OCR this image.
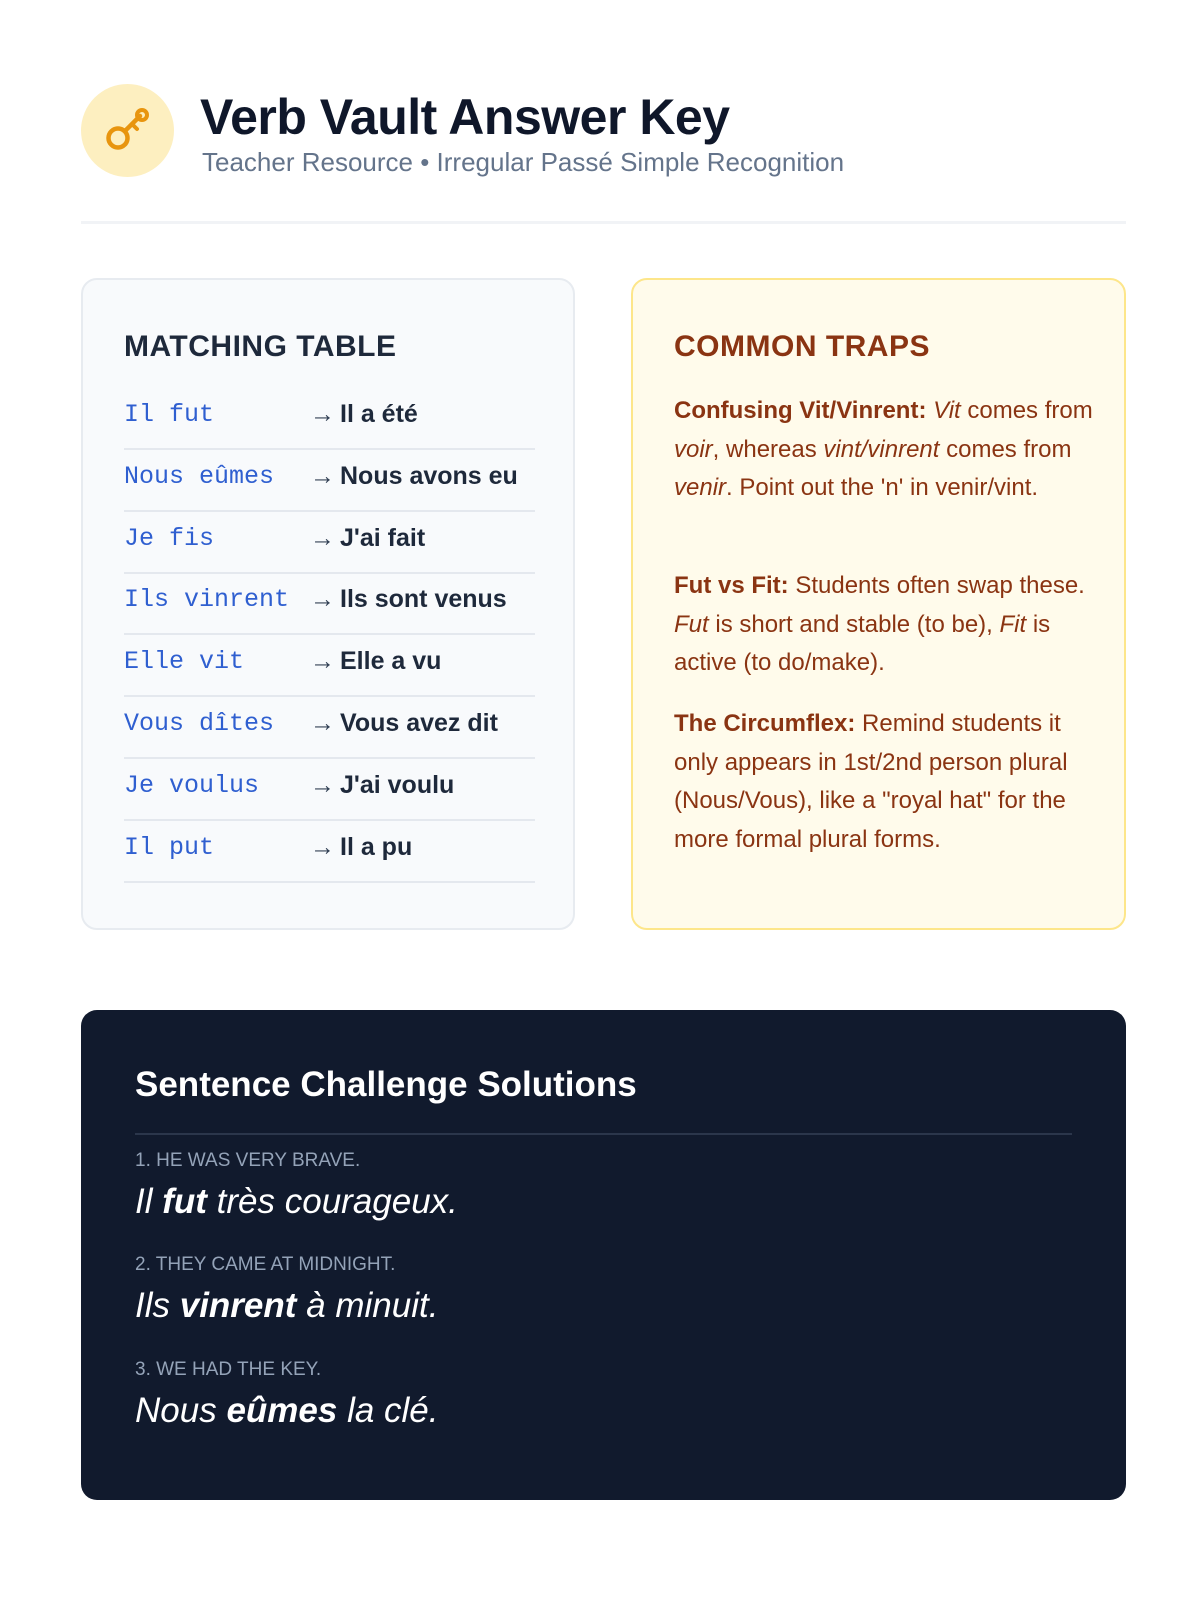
Verb Vault Answer Key
Teacher Resource • Irregular Passé Simple Recognition
MATCHING TABLE
Il fut	→ Il a été
Nous eûmes → Nous avons eu
Je fis	→ J'ai fait
Ils vinrent → Ils sont venus
Elle vit	→ Elle a vu
Vous dîtes → Vous avez dit
Je voulus → J'ai voulu
Il put	→ Il a pu
COMMON TRAPS
Confusing Vit/Vinrent: Vit comes from voir, whereas vint/vinrent comes from venir. Point out the 'n' in venir/vint.
Fut vs Fit: Students often swap these. Fut is short and stable (to be), Fit is active (to do/make).
The Circumflex: Remind students it only appears in 1st/2nd person plural (Nous/Vous), like a "royal hat" for the more formal plural forms.
Sentence Challenge Solutions
1. HE WAS VERY BRAVE.
Il fut très courageux.
2. THEY CAME AT MIDNIGHT.
Ils vinrent à minuit.
3. WE HAD THE KEY.
Nous eûmes la clé.
